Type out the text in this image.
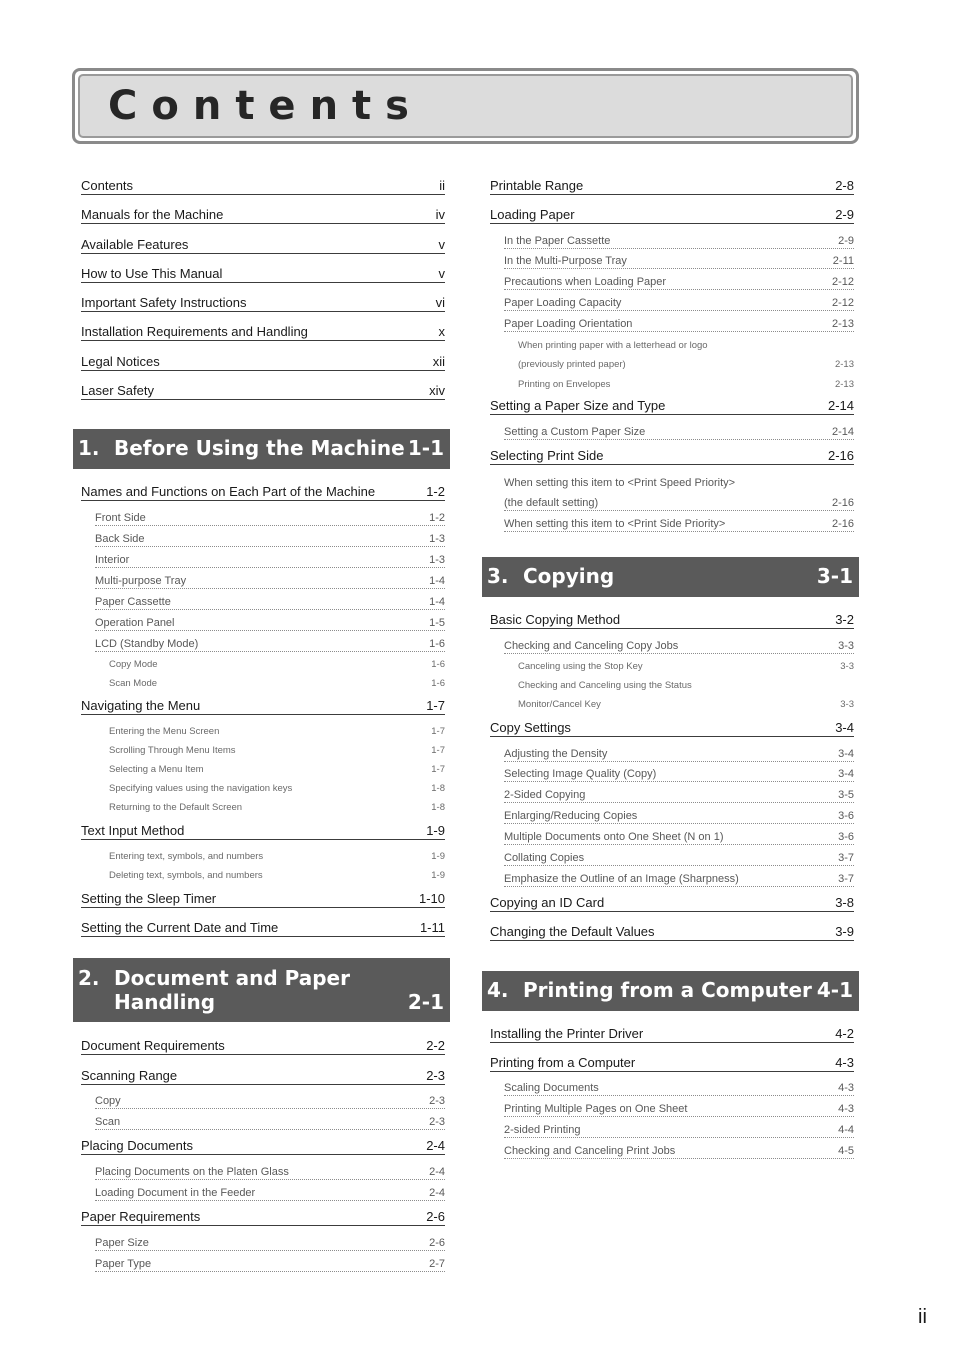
Contents
Contents	ii
Manuals for the Machine	iv
Available Features	v
How to Use This Manual	v
Important Safety Instructions	vi
Installation Requirements and Handling	x
Legal Notices	xii
Laser Safety	xiv
1. Before Using the Machine 1-1
Names and Functions on Each Part of the Machine	1-2
Front Side	1-2
Back Side	1-3
Interior	1-3
Multi-purpose Tray	1-4
Paper Cassette	1-4
Operation Panel	1-5
LCD (Standby Mode)	1-6
Copy Mode	1-6
Scan Mode	1-6
Navigating the Menu	1-7
Entering the Menu Screen	1-7
Scrolling Through Menu Items	1-7
Selecting a Menu Item	1-7
Specifying values using the navigation keys	1-8
Returning to the Default Screen	1-8
Text Input Method	1-9
Entering text, symbols, and numbers	1-9
Deleting text, symbols, and numbers	1-9
Setting the Sleep Timer	1-10
Setting the Current Date and Time	1-11
2. Document and Paper
Handling	2-1
Document Requirements	2-2
Scanning Range	2-3
Copy	2-3
Scan	2-3
Placing Documents	2-4
Placing Documents on the Platen Glass	2-4
Loading Document in the Feeder	2-4
Paper Requirements	2-6
Paper Size	2-6
Paper Type	2-7
Printable Range	2-8
Loading Paper	2-9
In the Paper Cassette	2-9
In the Multi-Purpose Tray	2-11
Precautions when Loading Paper	2-12
Paper Loading Capacity	2-12
Paper Loading Orientation	2-13
When printing paper with a letterhead or logo
(previously printed paper)	2-13
Printing on Envelopes	2-13
Setting a Paper Size and Type	2-14
Setting a Custom Paper Size	2-14
Selecting Print Side	2-16
When setting this item to <Print Speed Priority>
(the default setting)	2-16
When setting this item to <Print Side Priority>	2-16
3. Copying	3-1
Basic Copying Method	3-2
Checking and Canceling Copy Jobs	3-3
Canceling using the Stop Key	3-3
Checking and Canceling using the Status
Monitor/Cancel Key	3-3
Copy Settings	3-4
Adjusting the Density	3-4
Selecting Image Quality (Copy)	3-4
2-Sided Copying	3-5
Enlarging/Reducing Copies	3-6
Multiple Documents onto One Sheet (N on 1)	3-6
Collating Copies	3-7
Emphasize the Outline of an Image (Sharpness)	3-7
Copying an ID Card	3-8
Changing the Default Values	3-9
4. Printing from a Computer 4-1
Installing the Printer Driver	4-2
Printing from a Computer	4-3
Scaling Documents	4-3
Printing Multiple Pages on One Sheet	4-3
2-sided Printing	4-4
Checking and Canceling Print Jobs	4-5
ii
